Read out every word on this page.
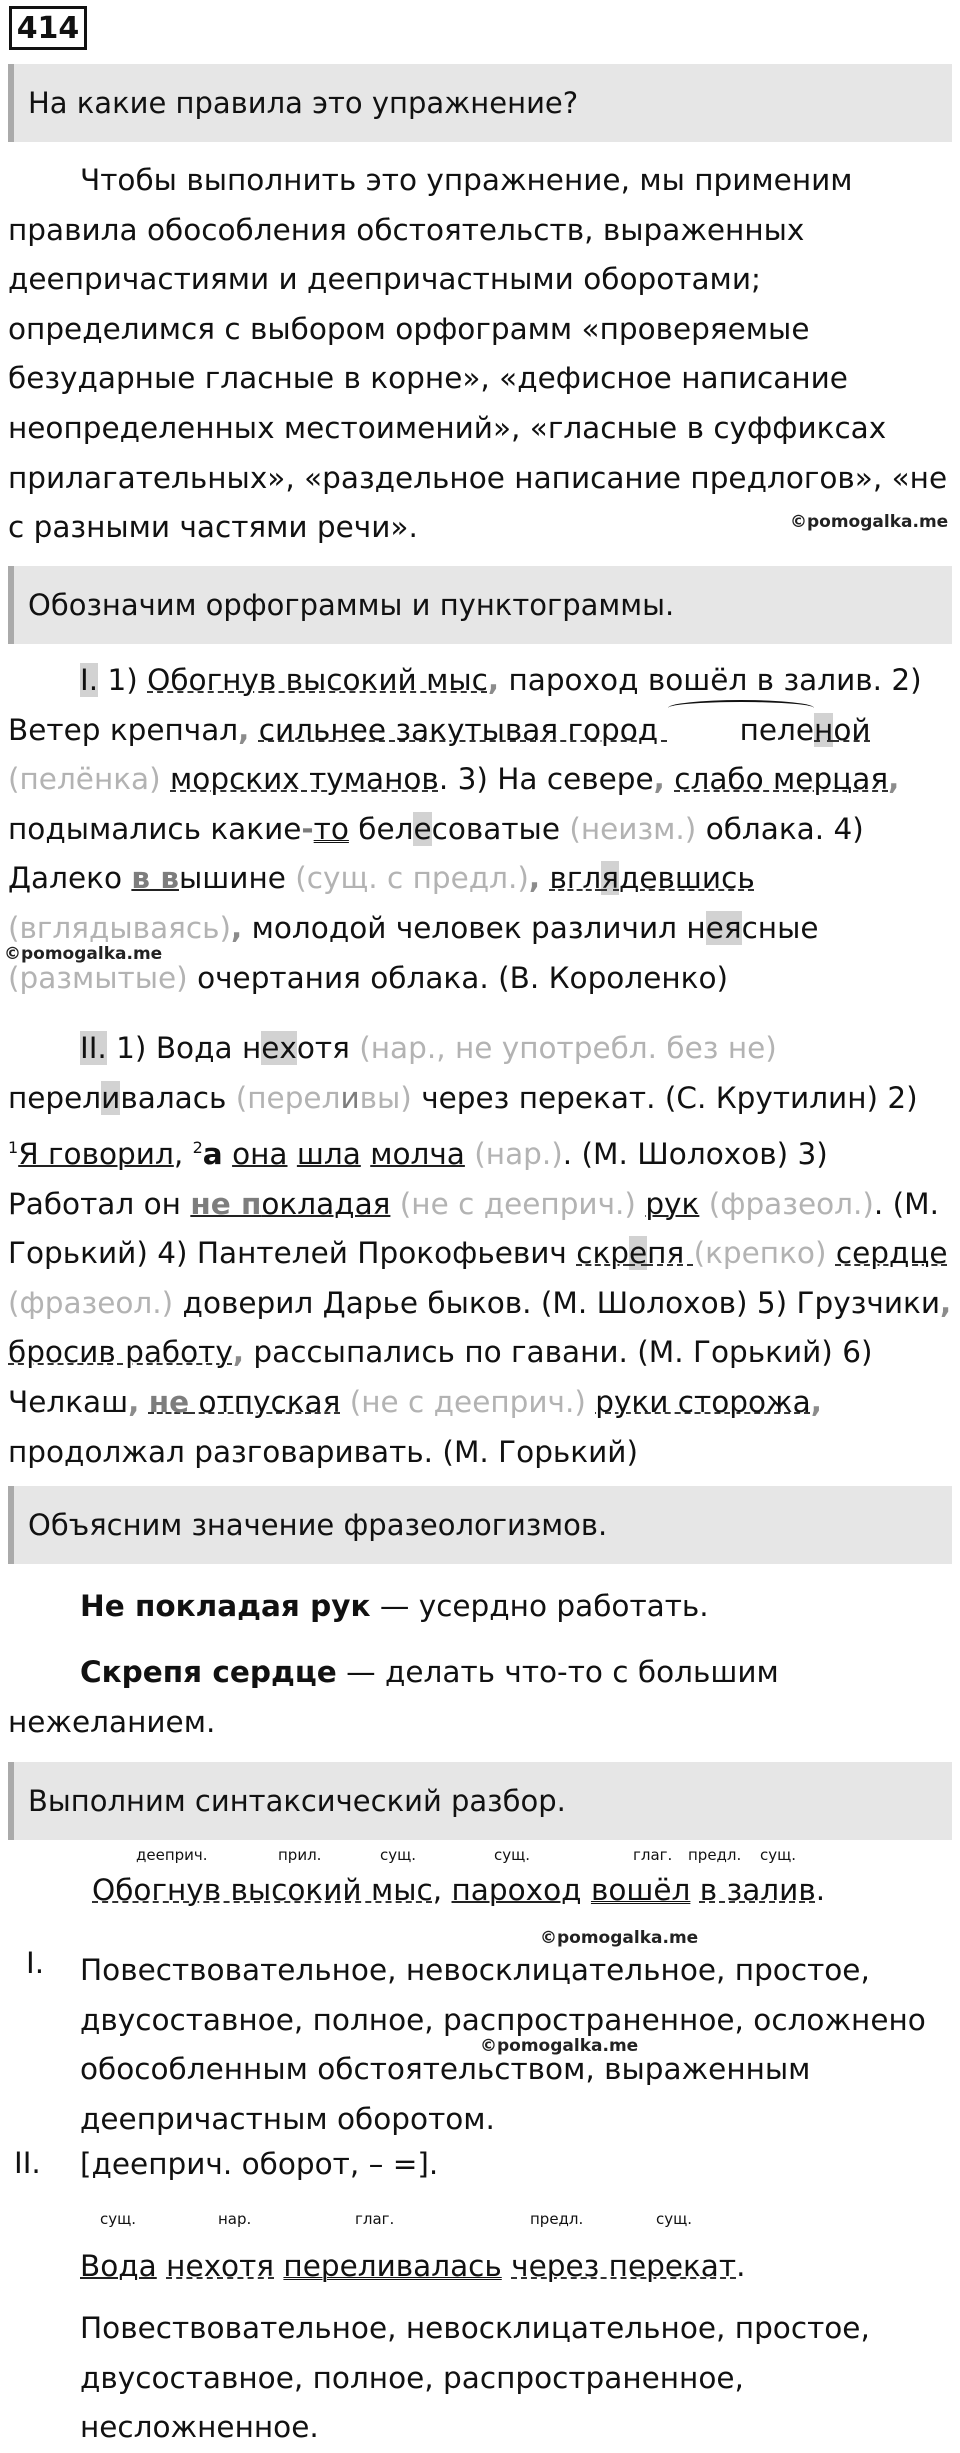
414
На какие правила это упражнение?
Чтобы выполнить это упражнение, мы применим правила обособления обстоятельств, выраженных деепричастиями и деепричастными оборотами; определимся с выбором орфограмм «проверяемые безударные гласные в корне», «дефисное написание неопределенных местоимений», «гласные в суффиксах прилагательных», «раздельное написание предлогов», «не с разными частями речи».	©pomogalka.me
Обозначим орфограммы и пунктограммы.
I. 1) Обогнув высокий мыс, пароход вошёл в залив. 2) Ветер крепчал, сильнее закутывая город пеленой (пелёнка) морских туманов. 3) На севере, слабо мерцая, подымались какие-то белесоватые (неизм.) облака. 4) Далеко в вышине (сущ. с предл.), вглядевшись (вглядываясь), молодой человек различил неясные (размытые) очертания облака. (В. Короленко)
©pomogalka.me
II. 1) Вода нехотя (нар., не употребл. без не) переливалась (переливы) через перекат. (С. Крутилин) 2) $^1$Я говорил, $^2$а она шла молча (нар.). (М. Шолохов) 3) Работал он не покладая (не с дееприч.) рук (фразеол.). (М. Горький) 4) Пантелей Прокофьевич скрепя (крепко) сердце (фразеол.) доверил Дарье быков. (М. Шолохов) 5) Грузчики, бросив работу, рассыпались по гавани. (М. Горький) 6) Челкаш, не отпуская (не с дееприч.) руки сторожа, продолжал разговаривать. (М. Горький)
Объясним значение фразеологизмов.
Не покладая рук — усердно работать.
Скрепя сердце — делать что-то с большим нежеланием.
Выполним синтаксический разбор.
дееприч.	прил.	сущ.	сущ.	глаг. предл. сущ.
Обогнув высокий мыс, пароход вошёл в залив.
©pomogalka.me
I. Повествовательное, невосклицательное, простое, двусоставное, полное, распространенное, осложнено обособленным обстоятельством, выраженным деепричастным оборотом.
©pomogalka.me
II. [дееприч. оборот, – =].
сущ.	нар.	глаг.	предл.	сущ.
Вода нехотя переливалась через перекат.
Повествовательное, невосклицательное, простое, двусоставное, полное, распространенное, несложненное.
